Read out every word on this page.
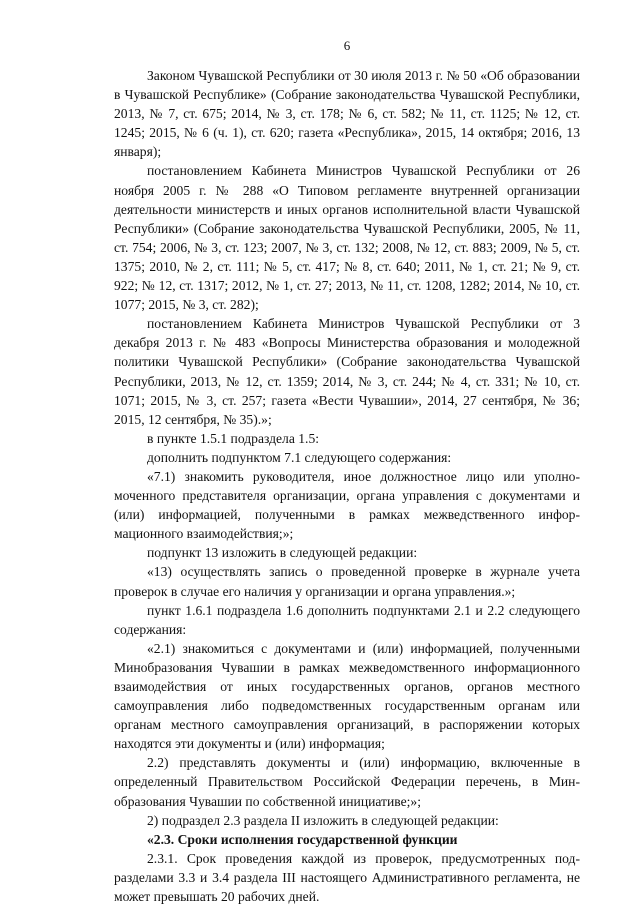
6

Законом Чувашской Республики от 30 июля 2013 г. № 50 «Об образовании в Чувашской Республике» (Собрание законодательства Чувашской Республики, 2013, № 7, ст. 675; 2014, № 3, ст. 178; № 6, ст. 582; № 11, ст. 1125; № 12, ст. 1245; 2015, № 6 (ч. 1), ст. 620; газета «Республика», 2015, 14 октября; 2016, 13 января);

постановлением Кабинета Министров Чувашской Республики от 26 ноября 2005 г. № 288 «О Типовом регламенте внутренней организации деятельности министерств и иных органов исполнительной власти Чувашской Республики» (Собрание законодательства Чувашской Республики, 2005, № 11, ст. 754; 2006, № 3, ст. 123; 2007, № 3, ст. 132; 2008, № 12, ст. 883; 2009, № 5, ст. 1375; 2010, № 2, ст. 111; № 5, ст. 417; № 8, ст. 640; 2011, № 1, ст. 21; № 9, ст. 922; № 12, ст. 1317; 2012, № 1, ст. 27; 2013, № 11, ст. 1208, 1282; 2014, № 10, ст. 1077; 2015, № 3, ст. 282);

постановлением Кабинета Министров Чувашской Республики от 3 декабря 2013 г. № 483 «Вопросы Министерства образования и молодежной политики Чувашской Республики» (Собрание законодательства Чувашской Республики, 2013, № 12, ст. 1359; 2014, № 3, ст. 244; № 4, ст. 331; № 10, ст. 1071; 2015, № 3, ст. 257; газета «Вести Чувашии», 2014, 27 сентября, № 36; 2015, 12 сентября, № 35).»;

в пункте 1.5.1 подраздела 1.5:

дополнить подпунктом 7.1 следующего содержания:

«7.1) знакомить руководителя, иное должностное лицо или уполномоченного представителя организации, органа управления с документами и (или) информацией, полученными в рамках межведственного информационного взаимодействия;»;

подпункт 13 изложить в следующей редакции:

«13) осуществлять запись о проведенной проверке в журнале учета проверок в случае его наличия у организации и органа управления.»;

пункт 1.6.1 подраздела 1.6 дополнить подпунктами 2.1 и 2.2 следующего содержания:

«2.1) знакомиться с документами и (или) информацией, полученными Минобразования Чувашии в рамках межведомственного информационного взаимодействия от иных государственных органов, органов местного самоуправления либо подведомственных государственным органам или органам местного самоуправления организаций, в распоряжении которых находятся эти документы и (или) информация;

2.2) представлять документы и (или) информацию, включенные в определенный Правительством Российской Федерации перечень, в Минобразования Чувашии по собственной инициативе;»;

2) подраздел 2.3 раздела II изложить в следующей редакции:

«2.3. Сроки исполнения государственной функции

2.3.1. Срок проведения каждой из проверок, предусмотренных подразделами 3.3 и 3.4 раздела III настоящего Административного регламента, не может превышать 20 рабочих дней.
